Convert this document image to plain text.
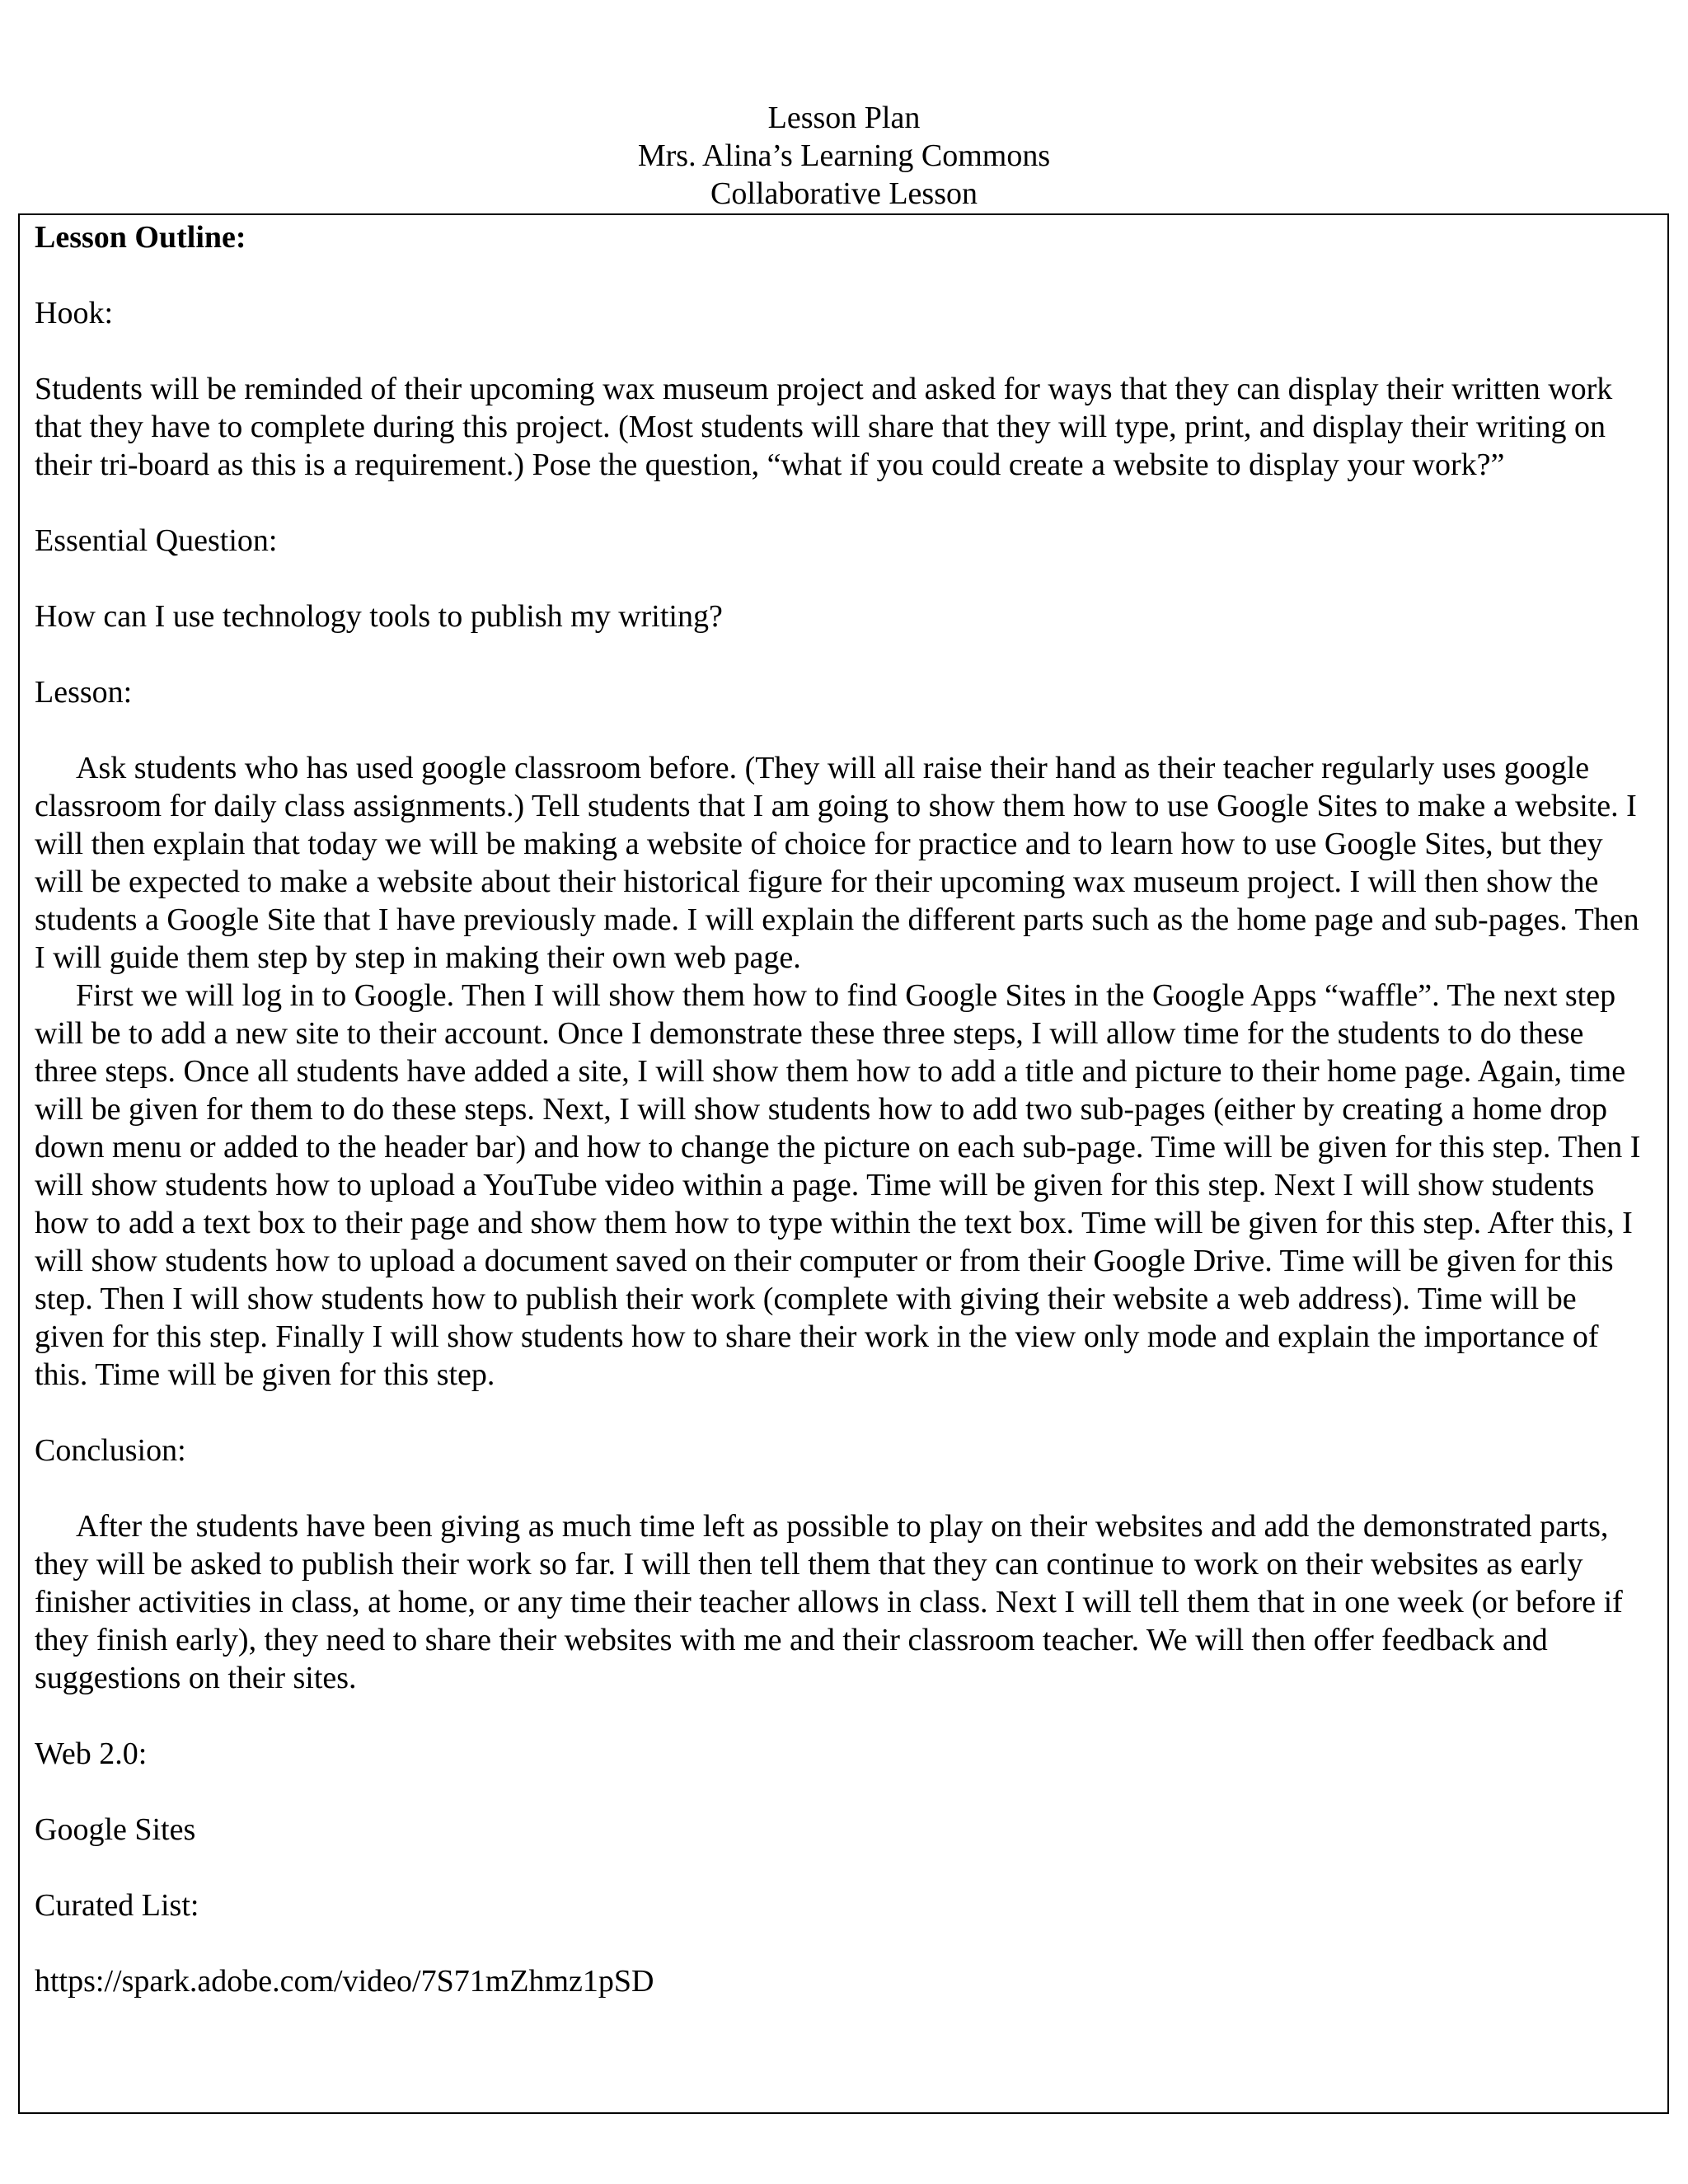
Lesson Plan
Mrs. Alina’s Learning Commons
Collaborative Lesson

Lesson Outline:

Hook:

Students will be reminded of their upcoming wax museum project and asked for ways that they can display their written work that they have to complete during this project. (Most students will share that they will type, print, and display their writing on their tri-board as this is a requirement.) Pose the question, “what if you could create a website to display your work?”

Essential Question:

How can I use technology tools to publish my writing?

Lesson:

Ask students who has used google classroom before. (They will all raise their hand as their teacher regularly uses google classroom for daily class assignments.) Tell students that I am going to show them how to use Google Sites to make a website. I will then explain that today we will be making a website of choice for practice and to learn how to use Google Sites, but they will be expected to make a website about their historical figure for their upcoming wax museum project. I will then show the students a Google Site that I have previously made. I will explain the different parts such as the home page and sub-pages. Then I will guide them step by step in making their own web page.

First we will log in to Google. Then I will show them how to find Google Sites in the Google Apps “waffle”. The next step will be to add a new site to their account. Once I demonstrate these three steps, I will allow time for the students to do these three steps. Once all students have added a site, I will show them how to add a title and picture to their home page. Again, time will be given for them to do these steps. Next, I will show students how to add two sub-pages (either by creating a home drop down menu or added to the header bar) and how to change the picture on each sub-page. Time will be given for this step. Then I will show students how to upload a YouTube video within a page. Time will be given for this step. Next I will show students how to add a text box to their page and show them how to type within the text box. Time will be given for this step. After this, I will show students how to upload a document saved on their computer or from their Google Drive. Time will be given for this step. Then I will show students how to publish their work (complete with giving their website a web address). Time will be given for this step. Finally I will show students how to share their work in the view only mode and explain the importance of this. Time will be given for this step.

Conclusion:

After the students have been giving as much time left as possible to play on their websites and add the demonstrated parts, they will be asked to publish their work so far. I will then tell them that they can continue to work on their websites as early finisher activities in class, at home, or any time their teacher allows in class. Next I will tell them that in one week (or before if they finish early), they need to share their websites with me and their classroom teacher. We will then offer feedback and suggestions on their sites.

Web 2.0:

Google Sites

Curated List:

https://spark.adobe.com/video/7S71mZhmz1pSD
